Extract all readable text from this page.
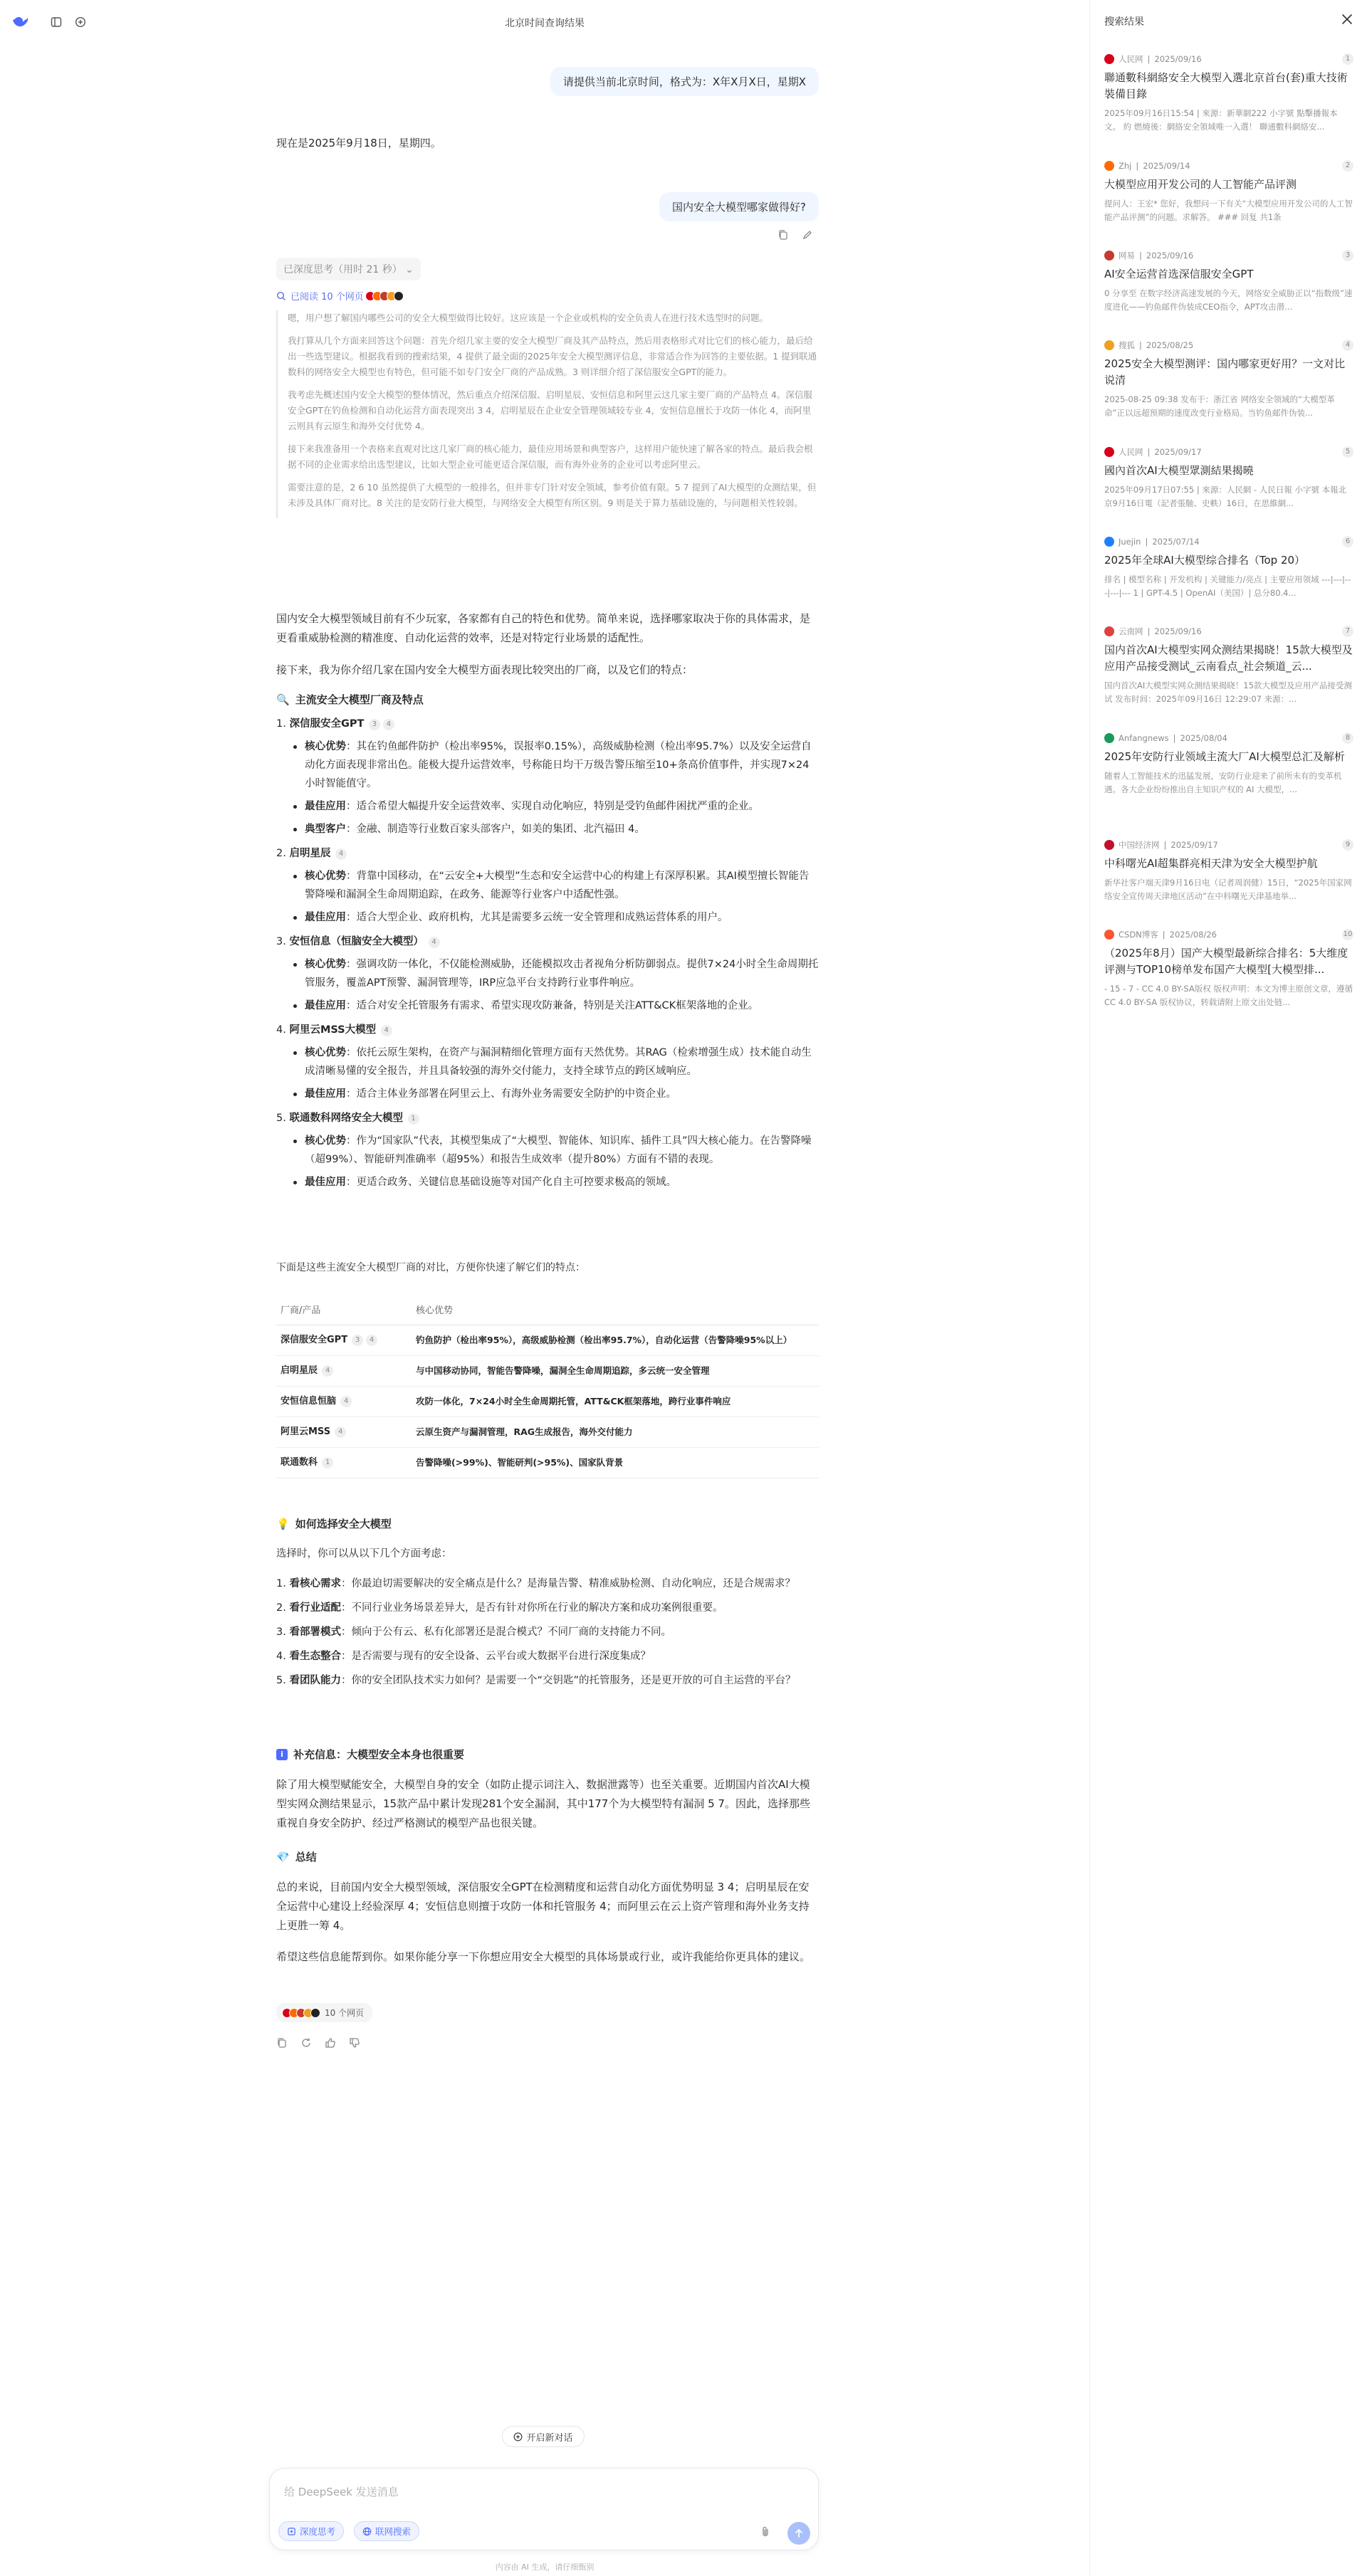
北京时间查询结果
请提供当前北京时间，格式为：X年X月X日，星期X
现在是2025年9月18日，星期四。
国内安全大模型哪家做得好?
已深度思考（用时 21 秒） ⌄
已阅读 10 个网页

嗯，用户想了解国内哪些公司的安全大模型做得比较好。这应该是一个企业或机构的安全负责人在进行技术选型时的问题。

我打算从几个方面来回答这个问题：首先介绍几家主要的安全大模型厂商及其产品特点，然后用表格形式对比它们的核心能力，最后给出一些选型建议。根据我看到的搜索结果，4 提供了最全面的2025年安全大模型测评信息，非常适合作为回答的主要依据。1 提到联通数科的网络安全大模型也有特色，但可能不如专门安全厂商的产品成熟。3 则详细介绍了深信服安全GPT的能力。

我考虑先概述国内安全大模型的整体情况，然后重点介绍深信服、启明星辰、安恒信息和阿里云这几家主要厂商的产品特点 4。深信服安全GPT在钓鱼检测和自动化运营方面表现突出 3 4，启明星辰在企业安全管理领域较专业 4，安恒信息擅长于攻防一体化 4，而阿里云则具有云原生和海外交付优势 4。

接下来我准备用一个表格来直观对比这几家厂商的核心能力，最佳应用场景和典型客户，这样用户能快速了解各家的特点。最后我会根据不同的企业需求给出选型建议，比如大型企业可能更适合深信服，而有海外业务的企业可以考虑阿里云。

需要注意的是，2 6 10 虽然提供了大模型的一般排名，但并非专门针对安全领域，参考价值有限。5 7 提到了AI大模型的众测结果，但未涉及具体厂商对比。8 关注的是安防行业大模型，与网络安全大模型有所区别。9 则是关于算力基础设施的，与问题相关性较弱。

国内安全大模型领域目前有不少玩家，各家都有自己的特色和优势。简单来说，选择哪家取决于你的具体需求，是更看重威胁检测的精准度、自动化运营的效率，还是对特定行业场景的适配性。
接下来，我为你介绍几家在国内安全大模型方面表现比较突出的厂商，以及它们的特点：
🔍 主流安全大模型厂商及特点
1. 深信服安全GPT 3 4
核心优势：其在钓鱼邮件防护（检出率95%，误报率0.15%），高级威胁检测（检出率95.7%）以及安全运营自动化方面表现非常出色。能极大提升运营效率，号称能日均干万级告警压缩至10+条高价值事件，并实现7×24小时智能值守。
最佳应用：适合希望大幅提升安全运营效率、实现自动化响应，特别是受钓鱼邮件困扰严重的企业。
典型客户：金融、制造等行业数百家头部客户，如美的集团、北汽福田 4。
2. 启明星辰 4
核心优势：背靠中国移动，在“云安全+大模型”生态和安全运营中心的构建上有深厚积累。其AI模型擅长智能告警降噪和漏洞全生命周期追踪，在政务、能源等行业客户中适配性强。
最佳应用：适合大型企业、政府机构，尤其是需要多云统一安全管理和成熟运营体系的用户。
3. 安恒信息（恒脑安全大模型） 4
核心优势：强调攻防一体化，不仅能检测威胁，还能模拟攻击者视角分析防御弱点。提供7×24小时全生命周期托管服务，覆盖APT预警、漏洞管理等，IRP应急平台支持跨行业事件响应。
最佳应用：适合对安全托管服务有需求、希望实现攻防兼备，特别是关注ATT&CK框架落地的企业。
4. 阿里云MSS大模型 4
核心优势：依托云原生架构，在资产与漏洞精细化管理方面有天然优势。其RAG（检索增强生成）技术能自动生成清晰易懂的安全报告，并且具备较强的海外交付能力，支持全球节点的跨区域响应。
最佳应用：适合主体业务部署在阿里云上、有海外业务需要安全防护的中资企业。
5. 联通数科网络安全大模型 1
核心优势：作为“国家队”代表，其模型集成了“大模型、智能体、知识库、插件工具”四大核心能力。在告警降噪（超99%）、智能研判准确率（超95%）和报告生成效率（提升80%）方面有不错的表现。
最佳应用：更适合政务、关键信息基础设施等对国产化自主可控要求极高的领域。
下面是这些主流安全大模型厂商的对比，方便你快速了解它们的特点：
厂商/产品	核心优势
深信服安全GPT 3 4	钓鱼防护（检出率95%），高级威胁检测（检出率95.7%），自动化运营（告警降噪95%以上）
启明星辰 4	与中国移动协同，智能告警降噪，漏洞全生命周期追踪，多云统一安全管理
安恒信息恒脑 4	攻防一体化，7×24小时全生命周期托管，ATT&CK框架落地，跨行业事件响应
阿里云MSS 4	云原生资产与漏洞管理，RAG生成报告，海外交付能力
联通数科 1	告警降噪(>99%)、智能研判(>95%)、国家队背景
💡 如何选择安全大模型
选择时，你可以从以下几个方面考虑：
1. 看核心需求：你最迫切需要解决的安全痛点是什么？是海量告警、精准威胁检测、自动化响应，还是合规需求？
2. 看行业适配：不同行业业务场景差异大，是否有针对你所在行业的解决方案和成功案例很重要。
3. 看部署模式：倾向于公有云、私有化部署还是混合模式？不同厂商的支持能力不同。
4. 看生态整合：是否需要与现有的安全设备、云平台或大数据平台进行深度集成？
5. 看团队能力：你的安全团队技术实力如何？是需要一个“交钥匙”的托管服务，还是更开放的可自主运营的平台？
i 补充信息：大模型安全本身也很重要
除了用大模型赋能安全，大模型自身的安全（如防止提示词注入、数据泄露等）也至关重要。近期国内首次AI大模型实网众测结果显示，15款产品中累计发现281个安全漏洞，其中177个为大模型特有漏洞 5 7。因此，选择那些重视自身安全防护、经过严格测试的模型产品也很关键。
💎 总结
总的来说，目前国内安全大模型领域，深信服安全GPT在检测精度和运营自动化方面优势明显 3 4；启明星辰在安全运营中心建设上经验深厚 4；安恒信息则擅于攻防一体和托管服务 4；而阿里云在云上资产管理和海外业务支持上更胜一筹 4。
希望这些信息能帮到你。如果你能分享一下你想应用安全大模型的具体场景或行业，或许我能给你更具体的建议。
10 个网页
开启新对话
给 DeepSeek 发送消息
深度思考	联网搜索
内容由 AI 生成，请仔细甄别
搜索结果
人民网 | 2025/09/16	1
聯通數科網絡安全大模型入選北京首台(套)重大技術裝備目錄
2025年09月16日15:54 | 來源：新華網222 小字號 點擊播報本文。 約 燃燒後：網絡安全領域唯一入選！ 聯通數科網絡安...
Zhj | 2025/09/14	2
大模型应用开发公司的人工智能产品评测
提问人：王宏* 您好，我想问一下有关“大模型应用开发公司的人工智能产品评测”的问题。求解答。 ### 回复 共1条
网易 | 2025/09/16	3
AI安全运营首选深信服安全GPT
0 分享至 在数字经济高速发展的今天，网络安全威胁正以“指数级”速度进化——钓鱼邮件伪装成CEO指令，APT攻击潜...
搜狐 | 2025/08/25	4
2025安全大模型测评：国内哪家更好用？一文对比说清
2025-08-25 09:38 发布于：浙江省 网络安全领域的“大模型革命”正以远超预期的速度改变行业格局。当钓鱼邮件伪装...
人民网 | 2025/09/17	5
國內首次AI大模型眾測結果揭曉
2025年09月17日07:55 | 來源：人民網 - 人民日報 小字號 本報北京9月16日電（記者張馳、史軼）16日，在思維網...
Juejin | 2025/07/14	6
2025年全球AI大模型综合排名（Top 20）
排名 | 模型名称 | 开发机构 | 关键能力/亮点 | 主要应用领域 ---|---|---|---|--- 1 | GPT-4.5 | OpenAI（美国）| 总分80.4...
云南网 | 2025/09/16	7
国内首次AI大模型实网众测结果揭晓！15款大模型及应用产品接受测试_云南看点_社会频道_云...
国内首次AI大模型实网众测结果揭晓！15款大模型及应用产品接受测试 发布时间：2025年09月16日 12:29:07 来源：...
Anfangnews | 2025/08/04	8
2025年安防行业领域主流大厂AI大模型总汇及解析
随着人工智能技术的迅猛发展，安防行业迎来了前所未有的变革机遇。各大企业纷纷推出自主知识产权的 AI 大模型，...
中国经济网 | 2025/09/17	9
中科曙光AI超集群亮相天津为安全大模型护航
新华社客户端天津9月16日电（记者周润健）15日，“2025年国家网络安全宣传周天津地区活动”在中科曙光天津基地举...
CSDN博客 | 2025/08/26	10
（2025年8月）国产大模型最新综合排名：5大维度评测与TOP10榜单发布国产大模型[大模型排...
- 15 - 7 - CC 4.0 BY-SA版权 版权声明：本文为博主原创文章，遵循 CC 4.0 BY-SA 版权协议，转载请附上原文出处链...
